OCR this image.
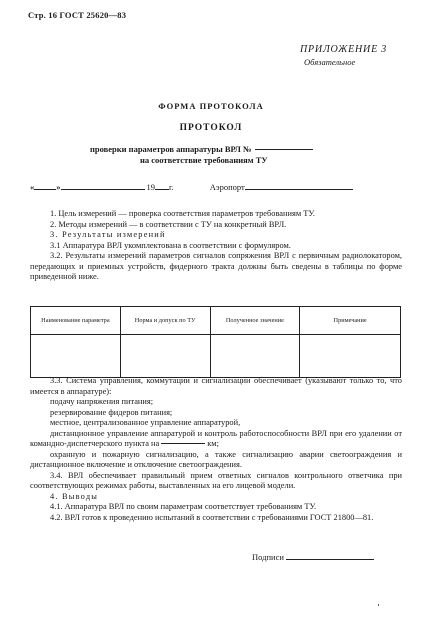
Стр. 16 ГОСТ 25620—83
ПРИЛОЖЕНИЕ 3
Обязательное
ФОРМА ПРОТОКОЛА
ПРОТОКОЛ
проверки параметров аппаратуры ВРЛ №
на соответствие требованиям ТУ
«	»	19 г.	Аэропорт
1. Цель измерений — проверка соответствия параметров требованиям ТУ.
2. Методы измерений — в соответствии с ТУ на конкретный ВРЛ.
3. Результаты измерений
3.1 Аппаратура ВРЛ укомплектована в соответствии с формуляром.
3.2. Результаты измерений параметров сигналов сопряжения ВРЛ с первичным радиолокатором, передающих и приемных устройств, фидерного тракта должны быть сведены в таблицы по форме приведенной ниже.
Наименование параметра	Норма и допуск по ТУ	Полученное значение	Примечание

3.3. Система управления, коммутации и сигнализации обеспечивает (указывают только то, что имеется в аппаратуре):
подачу напряжения питания;
резервирование фидеров питания;
местное, централизованное управление аппаратурой,
дистанционное управление аппаратурой и контроль работоспособности ВРЛ при его удалении от командно-диспетчерского пункта на	км;
охранную и пожарную сигнализацию, а также сигнализацию аварии светоограждения и дистанционное включение и отключение светоограждения.
3.4. ВРЛ обеспечивает правильный прием ответных сигналов контрольного ответчика при соответствующих режимах работы, выставленных на его лицевой модели.
4. Выводы
4.1. Аппаратура ВРЛ по своим параметрам соответствует требованиям ТУ.
4.2. ВРЛ готов к проведению испытаний в соответствии с требованиями ГОСТ 21800—81.
Подписи
